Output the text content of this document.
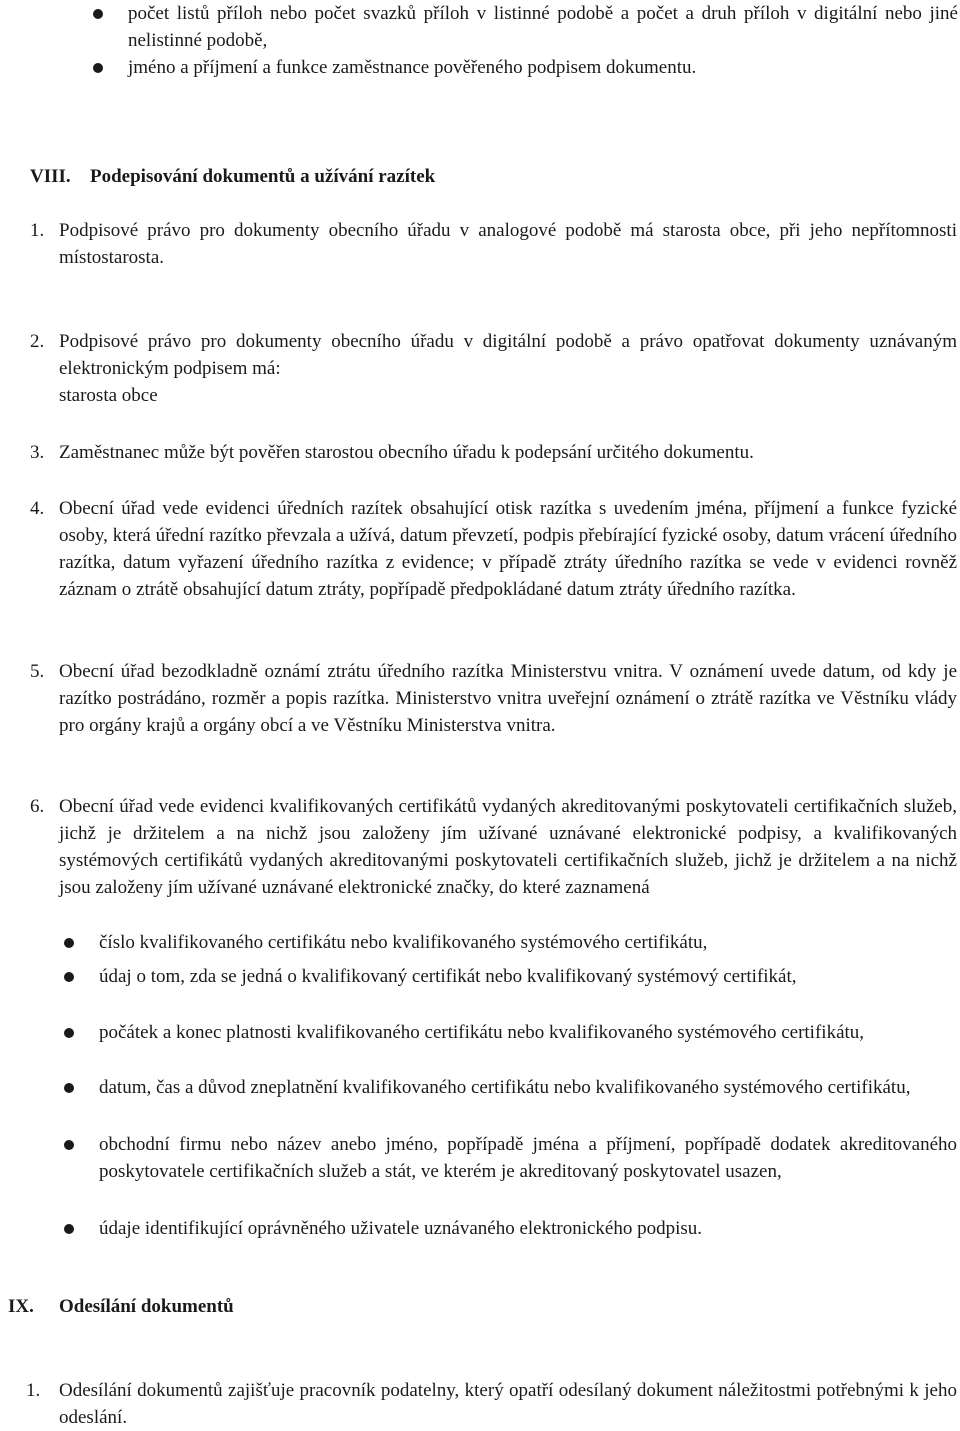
počet listů příloh nebo počet svazků příloh v listinné podobě a počet a druh příloh v digitální nebo jiné nelistinné podobě,
jméno a příjmení a funkce zaměstnance pověřeného podpisem dokumentu.
VIII. Podepisování dokumentů a užívání razítek
1. Podpisové právo pro dokumenty obecního úřadu v analogové podobě má starosta obce, při jeho nepřítomnosti místostarosta.
2. Podpisové právo pro dokumenty obecního úřadu v digitální podobě a právo opatřovat dokumenty uznávaným elektronickým podpisem má:
starosta obce
3. Zaměstnanec může být pověřen starostou obecního úřadu k podepsání určitého dokumentu.
4. Obecní úřad vede evidenci úředních razítek obsahující otisk razítka s uvedením jména, příjmení a funkce fyzické osoby, která úřední razítko převzala a užívá, datum převzetí, podpis přebírající fyzické osoby, datum vrácení úředního razítka, datum vyřazení úředního razítka z evidence; v případě ztráty úředního razítka se vede v evidenci rovněž záznam o ztrátě obsahující datum ztráty, popřípadě předpokládané datum ztráty úředního razítka.
5. Obecní úřad bezodkladně oznámí ztrátu úředního razítka Ministerstvu vnitra. V oznámení uvede datum, od kdy je razítko postrádáno, rozměr a popis razítka. Ministerstvo vnitra uveřejní oznámení o ztrátě razítka ve Věstníku vlády pro orgány krajů a orgány obcí a ve Věstníku Ministerstva vnitra.
6. Obecní úřad vede evidenci kvalifikovaných certifikátů vydaných akreditovanými poskytovateli certifikačních služeb, jichž je držitelem a na nichž jsou založeny jím užívané uznávané elektronické podpisy, a kvalifikovaných systémových certifikátů vydaných akreditovanými poskytovateli certifikačních služeb, jichž je držitelem a na nichž jsou založeny jím užívané uznávané elektronické značky, do které zaznamená
číslo kvalifikovaného certifikátu nebo kvalifikovaného systémového certifikátu,
údaj o tom, zda se jedná o kvalifikovaný certifikát nebo kvalifikovaný systémový certifikát,
počátek a konec platnosti kvalifikovaného certifikátu nebo kvalifikovaného systémového certifikátu,
datum, čas a důvod zneplatnění kvalifikovaného certifikátu nebo kvalifikovaného systémového certifikátu,
obchodní firmu nebo název anebo jméno, popřípadě jména a příjmení, popřípadě dodatek akreditovaného poskytovatele certifikačních služeb a stát, ve kterém je akreditovaný poskytovatel usazen,
údaje identifikující oprávněného uživatele uznávaného elektronického podpisu.
IX. Odesílání dokumentů
1. Odesílání dokumentů zajišťuje pracovník podatelny, který opatří odesílaný dokument náležitostmi potřebnými k jeho odeslání.
